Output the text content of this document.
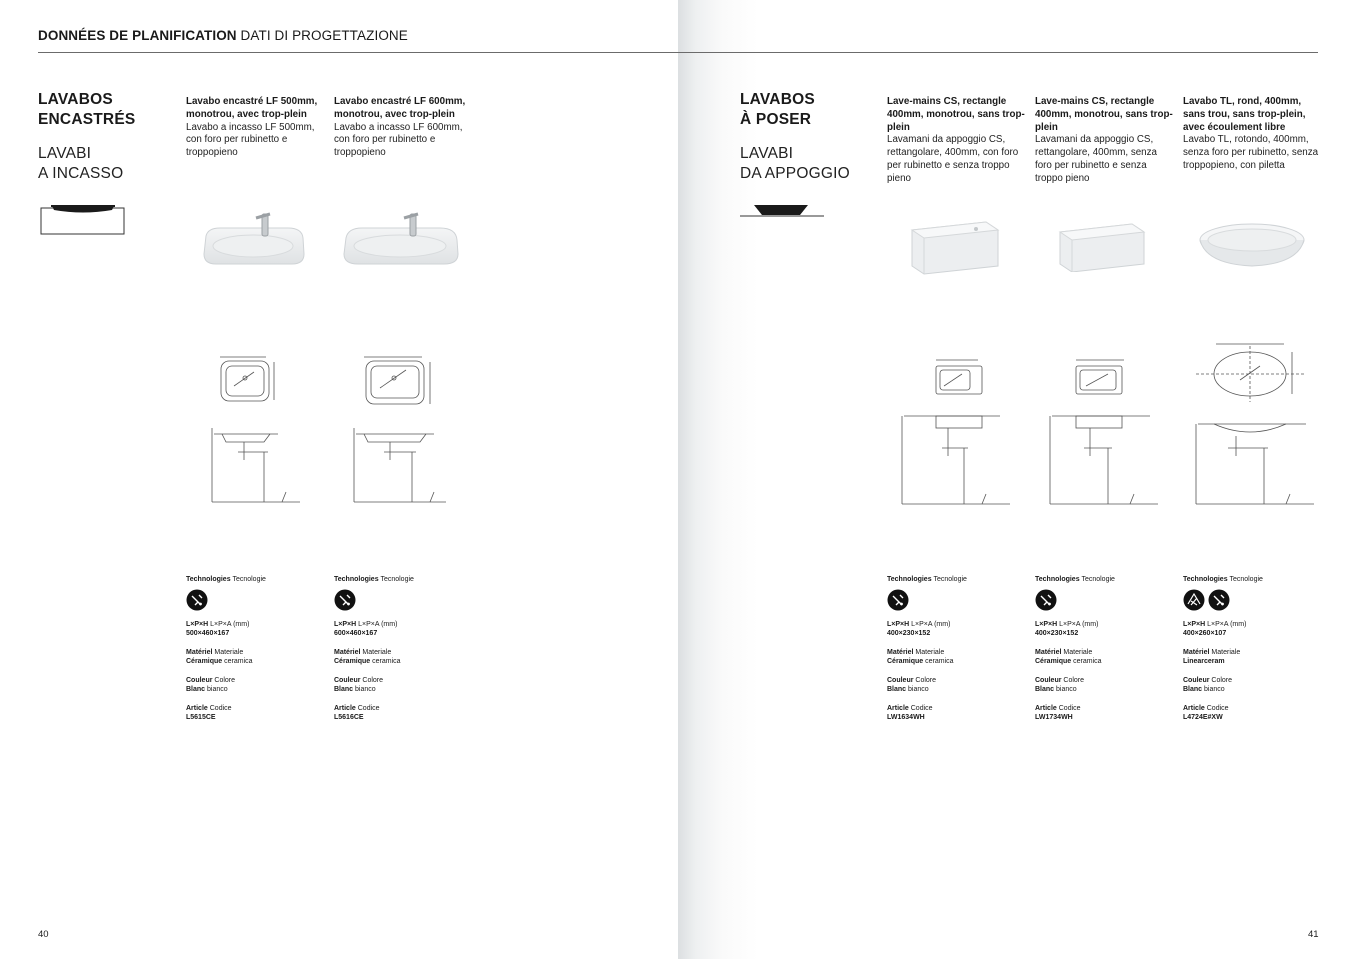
DONNÉES DE PLANIFICATION DATI DI PROGETTAZIONE
LAVABOS
ENCASTRÉS
LAVABI
A INCASSO
Lavabo encastré LF 500mm, monotrou, avec trop-plein
Lavabo a incasso LF 500mm, con foro per rubinetto e troppopieno
Lavabo encastré LF 600mm, monotrou, avec trop-plein
Lavabo a incasso LF 600mm, con foro per rubinetto e troppopieno
Technologies Tecnologie
L×P×H L×P×A (mm)
500×460×167
Matériel Materiale
Céramique ceramica
Couleur Colore
Blanc bianco
Article Codice
L5615CE
Technologies Tecnologie
L×P×H L×P×A (mm)
600×460×167
Matériel Materiale
Céramique ceramica
Couleur Colore
Blanc bianco
Article Codice
L5616CE
40
LAVABOS
À POSER
LAVABI
DA APPOGGIO
Lave-mains CS, rectangle 400mm, monotrou, sans trop-plein
Lavamani da appoggio CS, rettangolare, 400mm, con foro per rubinetto e senza troppo pieno
Lave-mains CS, rectangle 400mm, monotrou, sans trop-plein
Lavamani da appoggio CS, rettangolare, 400mm, senza foro per rubinetto e senza troppo pieno
Lavabo TL, rond, 400mm, sans trou, sans trop-plein, avec écoulement libre
Lavabo TL, rotondo, 400mm, senza foro per rubinetto, senza troppopieno, con piletta
Technologies Tecnologie
L×P×H L×P×A (mm)
400×230×152
Matériel Materiale
Céramique ceramica
Couleur Colore
Blanc bianco
Article Codice
LW1634WH
Technologies Tecnologie
L×P×H L×P×A (mm)
400×230×152
Matériel Materiale
Céramique ceramica
Couleur Colore
Blanc bianco
Article Codice
LW1734WH
Technologies Tecnologie
L×P×H L×P×A (mm)
400×260×107
Matériel Materiale
Linearceram
Couleur Colore
Blanc bianco
Article Codice
L4724E#XW
41
